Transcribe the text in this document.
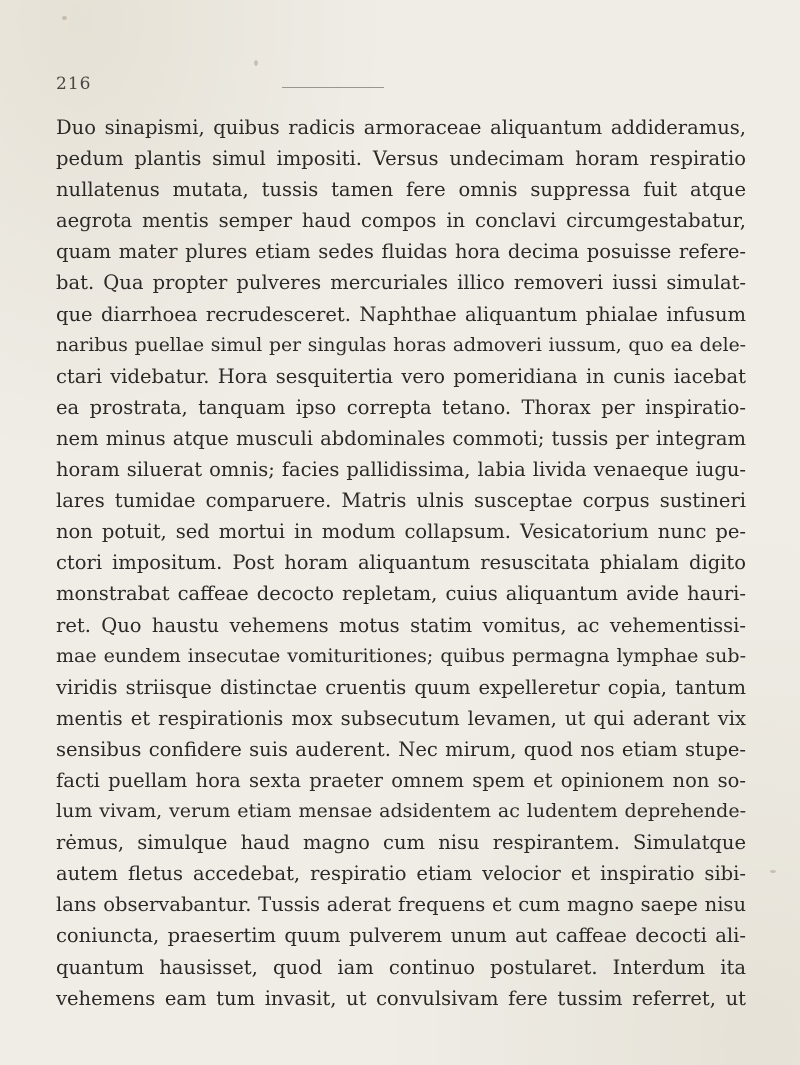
216
Duo sinapismi, quibus radicis armoraceae aliquantum addideramus,
pedum plantis simul impositi. Versus undecimam horam respiratio
nullatenus mutata, tussis tamen fere omnis suppressa fuit atque
aegrota mentis semper haud compos in conclavi circumgestabatur,
quam mater plures etiam sedes fluidas hora decima posuisse refere-
bat. Qua propter pulveres mercuriales illico removeri iussi simulat-
que diarrhoea recrudesceret. Naphthae aliquantum phialae infusum
naribus puellae simul per singulas horas admoveri iussum, quo ea dele-
ctari videbatur. Hora sesquitertia vero pomeridiana in cunis iacebat
ea prostrata, tanquam ipso correpta tetano. Thorax per inspiratio-
nem minus atque musculi abdominales commoti; tussis per integram
horam siluerat omnis; facies pallidissima, labia livida venaeque iugu-
lares tumidae comparuere. Matris ulnis susceptae corpus sustineri
non potuit, sed mortui in modum collapsum. Vesicatorium nunc pe-
ctori impositum. Post horam aliquantum resuscitata phialam digito
monstrabat caffeae decocto repletam, cuius aliquantum avide hauri-
ret. Quo haustu vehemens motus statim vomitus, ac vehementissi-
mae eundem insecutae vomituritiones; quibus permagna lymphae sub-
viridis striisque distinctae cruentis quum expelleretur copia, tantum
mentis et respirationis mox subsecutum levamen, ut qui aderant vix
sensibus confidere suis auderent. Nec mirum, quod nos etiam stupe-
facti puellam hora sexta praeter omnem spem et opinionem non so-
lum vivam, verum etiam mensae adsidentem ac ludentem deprehende-
rėmus, simulque haud magno cum nisu respirantem. Simulatque
autem fletus accedebat, respiratio etiam velocior et inspiratio sibi-
lans observabantur. Tussis aderat frequens et cum magno saepe nisu
coniuncta, praesertim quum pulverem unum aut caffeae decocti ali-
quantum hausisset, quod iam continuo postularet. Interdum ita
vehemens eam tum invasit, ut convulsivam fere tussim referret, ut
